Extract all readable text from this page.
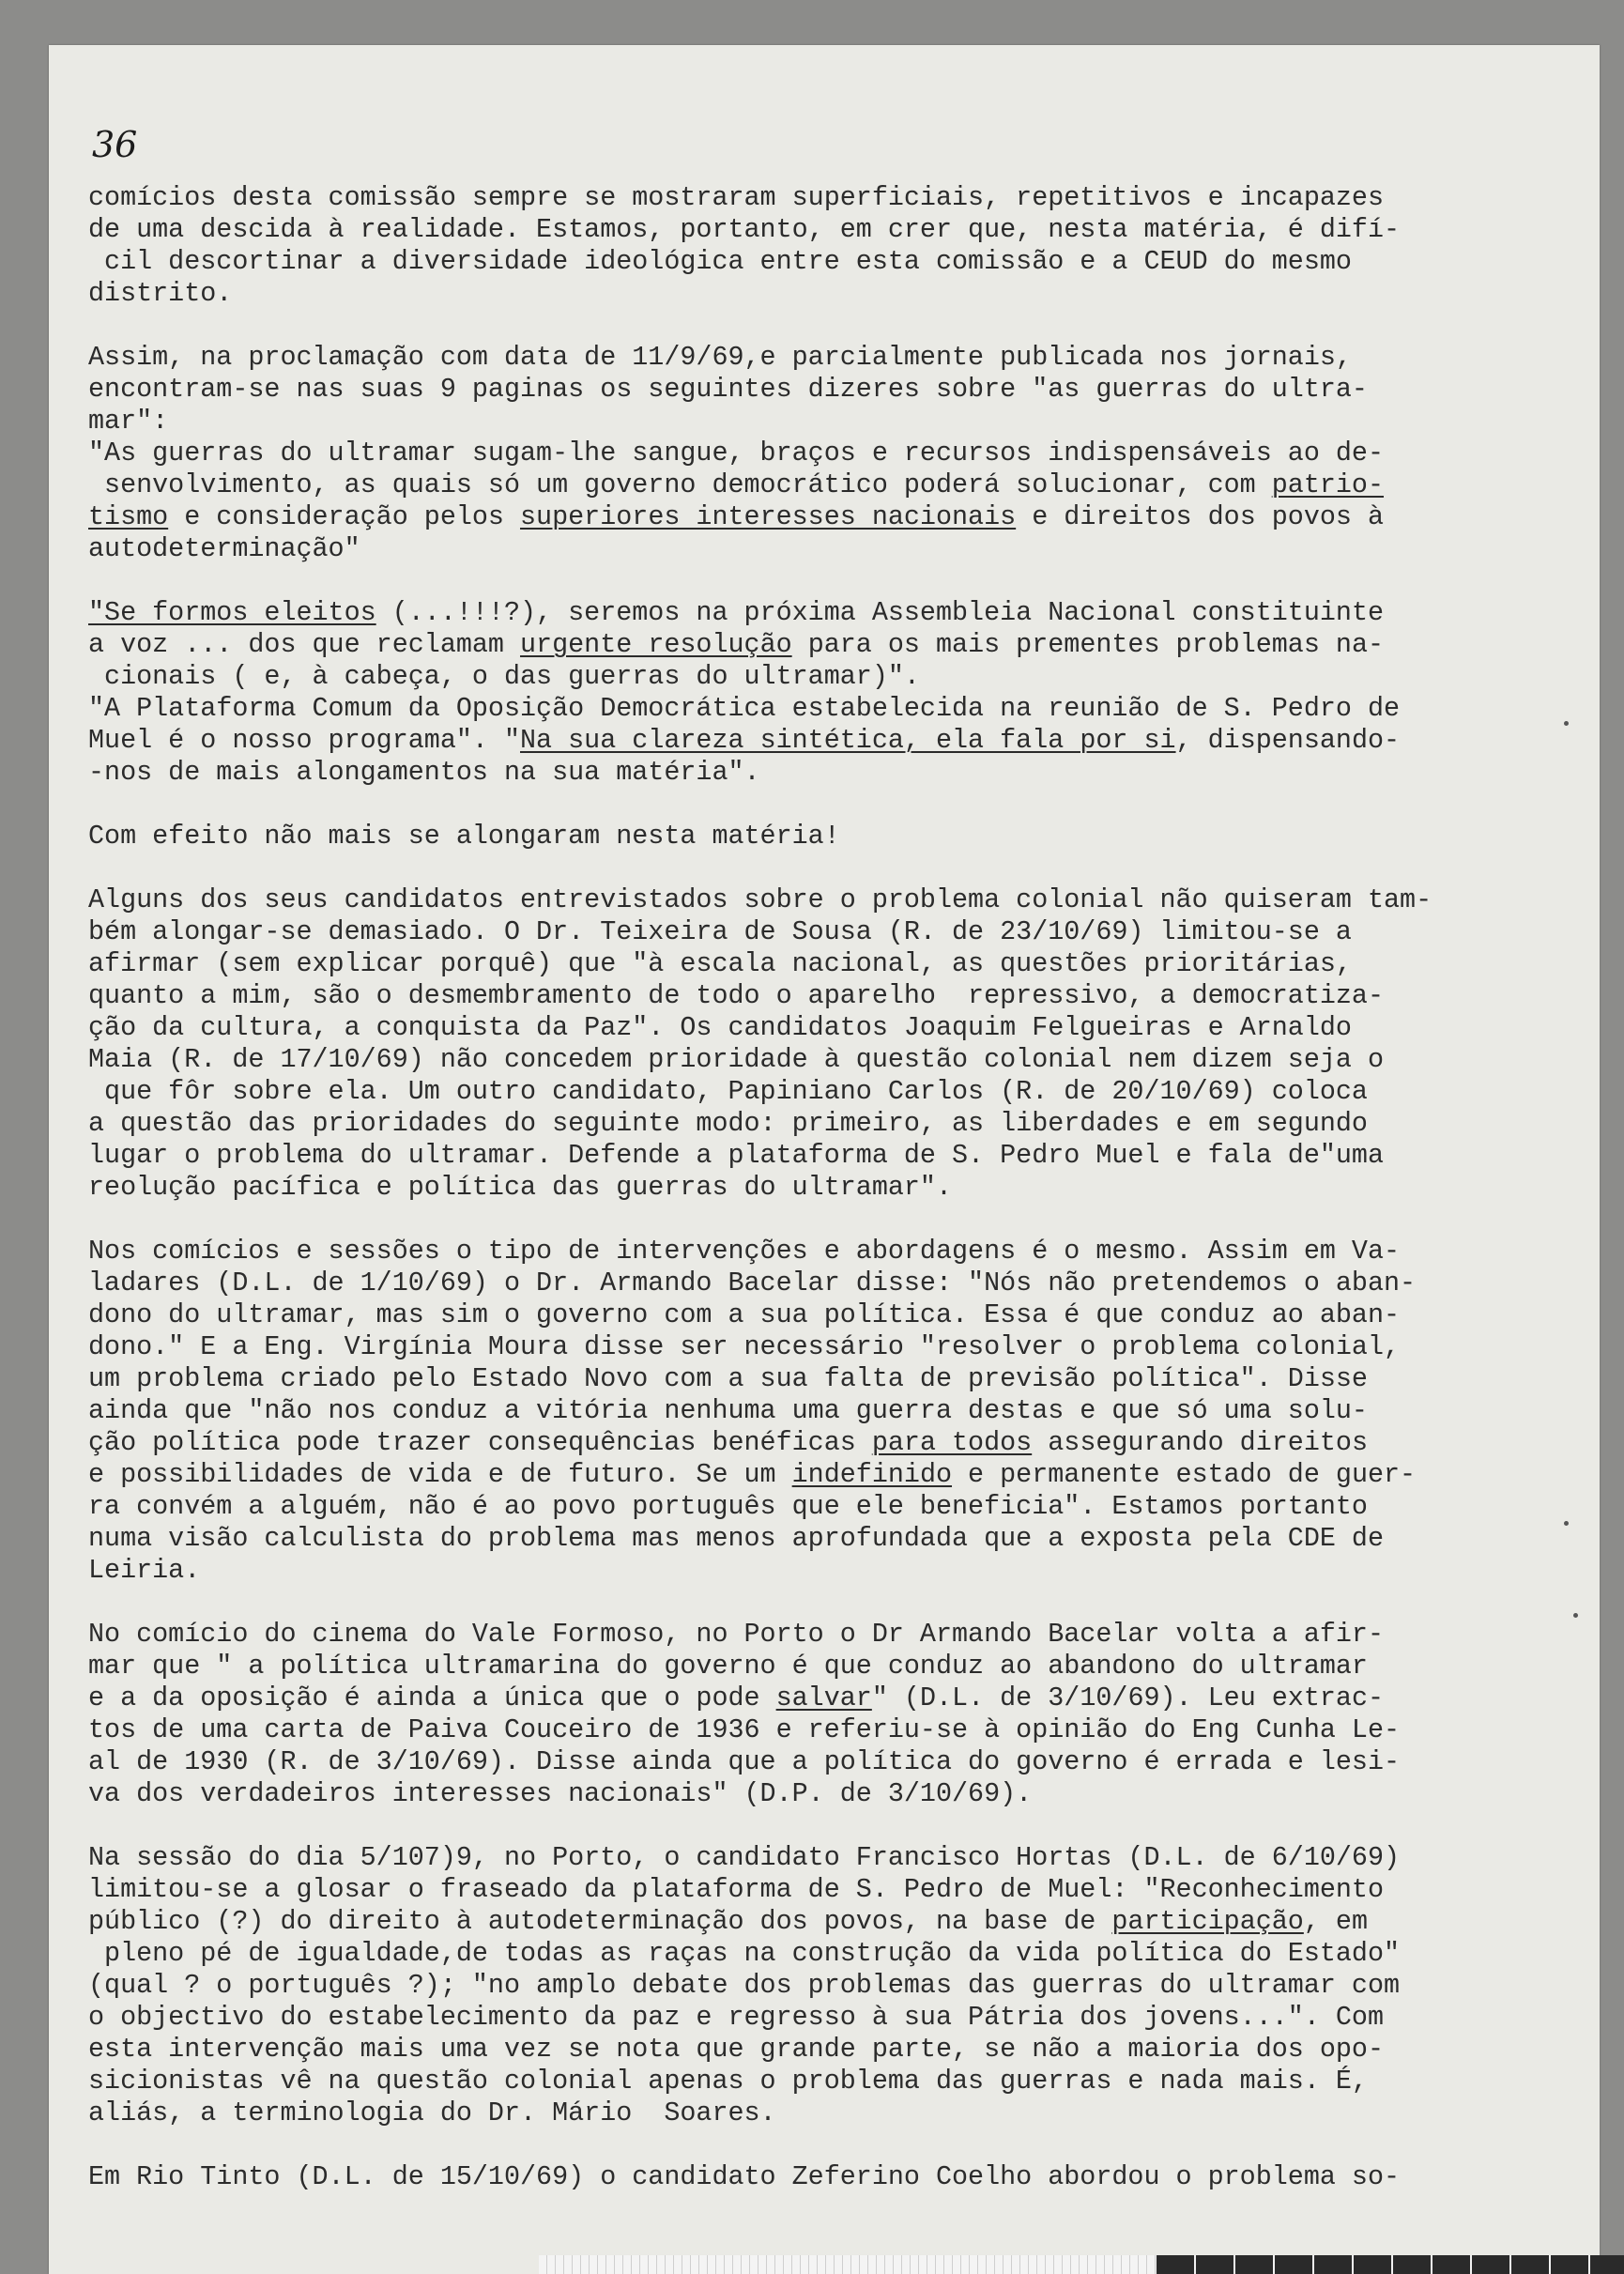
36
comícios desta comissão sempre se mostraram superficiais, repetitivos e incapazes
de uma descida à realidade. Estamos, portanto, em crer que, nesta matéria, é difí-
cil descortinar a diversidade ideológica entre esta comissão e a CEUD do mesmo
distrito.
Assim, na proclamação com data de 11/9/69,e parcialmente publicada nos jornais,
encontram-se nas suas 9 paginas os seguintes dizeres sobre "as guerras do ultra-
mar":
"As guerras do ultramar sugam-lhe sangue, braços e recursos indispensáveis ao de-
senvolvimento, as quais só um governo democrático poderá solucionar, com patrio-
tismo e consideração pelos superiores interesses nacionais e direitos dos povos à
autodeterminação"
"Se formos eleitos (...!!!?), seremos na próxima Assembleia Nacional constituinte
a voz ... dos que reclamam urgente resolução para os mais prementes problemas na-
cionais ( e, à cabeça, o das guerras do ultramar)".
"A Plataforma Comum da Oposição Democrática estabelecida na reunião de S. Pedro de
Muel é o nosso programa". "Na sua clareza sintética, ela fala por si, dispensando-
-nos de mais alongamentos na sua matéria".
Com efeito não mais se alongaram nesta matéria!
Alguns dos seus candidatos entrevistados sobre o problema colonial não quiseram tam-
bém alongar-se demasiado. O Dr. Teixeira de Sousa (R. de 23/10/69) limitou-se a
afirmar (sem explicar porquê) que "à escala nacional, as questões prioritárias,
quanto a mim, são o desmembramento de todo o aparelho  repressivo, a democratiza-
ção da cultura, a conquista da Paz". Os candidatos Joaquim Felgueiras e Arnaldo
Maia (R. de 17/10/69) não concedem prioridade à questão colonial nem dizem seja o
que fôr sobre ela. Um outro candidato, Papiniano Carlos (R. de 20/10/69) coloca
a questão das prioridades do seguinte modo: primeiro, as liberdades e em segundo
lugar o problema do ultramar. Defende a plataforma de S. Pedro Muel e fala de"uma
reolução pacífica e política das guerras do ultramar".
Nos comícios e sessões o tipo de intervenções e abordagens é o mesmo. Assim em Va-
ladares (D.L. de 1/10/69) o Dr. Armando Bacelar disse: "Nós não pretendemos o aban-
dono do ultramar, mas sim o governo com a sua política. Essa é que conduz ao aban-
dono." E a Eng. Virgínia Moura disse ser necessário "resolver o problema colonial,
um problema criado pelo Estado Novo com a sua falta de previsão política". Disse
ainda que "não nos conduz a vitória nenhuma uma guerra destas e que só uma solu-
ção política pode trazer consequências benéficas para todos assegurando direitos
e possibilidades de vida e de futuro. Se um indefinido e permanente estado de guer-
ra convém a alguém, não é ao povo português que ele beneficia". Estamos portanto
numa visão calculista do problema mas menos aprofundada que a exposta pela CDE de
Leiria.
No comício do cinema do Vale Formoso, no Porto o Dr Armando Bacelar volta a afir-
mar que " a política ultramarina do governo é que conduz ao abandono do ultramar
e a da oposição é ainda a única que o pode salvar" (D.L. de 3/10/69). Leu extrac-
tos de uma carta de Paiva Couceiro de 1936 e referiu-se à opinião do Eng Cunha Le-
al de 1930 (R. de 3/10/69). Disse ainda que a política do governo é errada e lesi-
va dos verdadeiros interesses nacionais" (D.P. de 3/10/69).
Na sessão do dia 5/107)9, no Porto, o candidato Francisco Hortas (D.L. de 6/10/69)
limitou-se a glosar o fraseado da plataforma de S. Pedro de Muel: "Reconhecimento
público (?) do direito à autodeterminação dos povos, na base de participação, em
pleno pé de igualdade,de todas as raças na construção da vida política do Estado"
(qual ? o português ?); "no amplo debate dos problemas das guerras do ultramar com
o objectivo do estabelecimento da paz e regresso à sua Pátria dos jovens...". Com
esta intervenção mais uma vez se nota que grande parte, se não a maioria dos opo-
sicionistas vê na questão colonial apenas o problema das guerras e nada mais. É,
aliás, a terminologia do Dr. Mário  Soares.
Em Rio Tinto (D.L. de 15/10/69) o candidato Zeferino Coelho abordou o problema so-
